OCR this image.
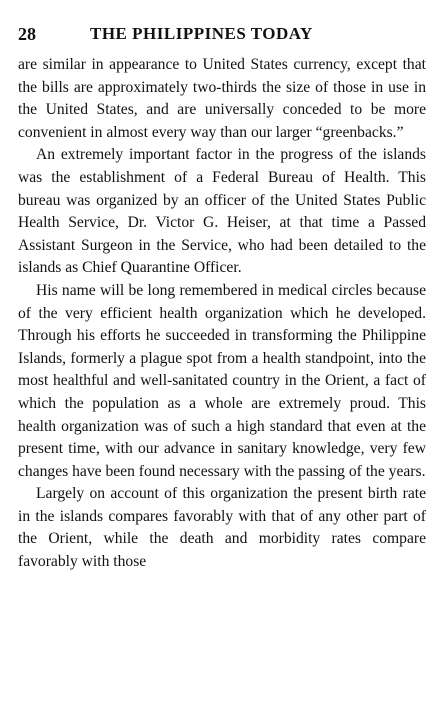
28	THE PHILIPPINES TODAY

are similar in appearance to United States currency, except that the bills are approximately two-thirds the size of those in use in the United States, and are universally conceded to be more convenient in almost every way than our larger “greenbacks.”

An extremely important factor in the progress of the islands was the establishment of a Federal Bureau of Health. This bureau was organized by an officer of the United States Public Health Service, Dr. Victor G. Heiser, at that time a Passed Assistant Surgeon in the Service, who had been detailed to the islands as Chief Quarantine Officer.

His name will be long remembered in medical circles because of the very efficient health organization which he developed. Through his efforts he succeeded in transforming the Philippine Islands, formerly a plague spot from a health standpoint, into the most healthful and well-sanitated country in the Orient, a fact of which the population as a whole are extremely proud. This health organization was of such a high standard that even at the present time, with our advance in sanitary knowledge, very few changes have been found necessary with the passing of the years.

Largely on account of this organization the present birth rate in the islands compares favorably with that of any other part of the Orient, while the death and morbidity rates compare favorably with those
